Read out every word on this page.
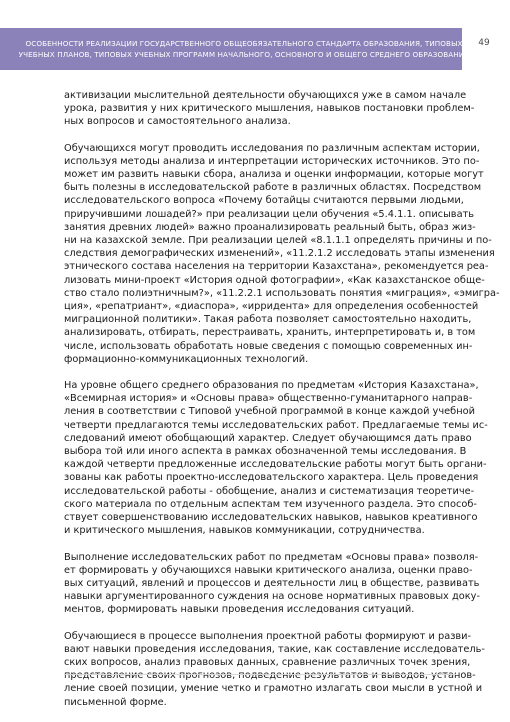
ОСОБЕННОСТИ РЕАЛИЗАЦИИ ГОСУДАРСТВЕННОГО ОБЩЕОБЯЗАТЕЛЬНОГО СТАНДАРТА ОБРАЗОВАНИЯ, ТИПОВЫХ
УЧЕБНЫХ ПЛАНОВ, ТИПОВЫХ УЧЕБНЫХ ПРОГРАММ НАЧАЛЬНОГО, ОСНОВНОГО И ОБЩЕГО СРЕДНЕГО ОБРАЗОВАНИЯ
49

активизации мыслительной деятельности обучающихся уже в самом начале
урока, развития у них критического мышления, навыков постановки проблем-
ных вопросов и самостоятельного анализа.

Обучающихся могут проводить исследования по различным аспектам истории,
используя методы анализа и интерпретации исторических источников. Это по-
может им развить навыки сбора, анализа и оценки информации, которые могут
быть полезны в исследовательской работе в различных областях. Посредством
исследовательского вопроса «Почему ботайцы считаются первыми людьми,
приручившими лошадей?» при реализации цели обучения «5.4.1.1. описывать
занятия древних людей» важно проанализировать реальный быть, образ жиз-
ни на казахской земле. При реализации целей «8.1.1.1 определять причины и по-
следствия демографических изменений», «11.2.1.2 исследовать этапы изменения
этнического состава населения на территории Казахстана», рекомендуется реа-
лизовать мини-проект «История одной фотографии», «Как казахстанское обще-
ство стало полиэтничным?», «11.2.2.1 использовать понятия «миграция», «эмигра-
ция», «репатриант», «диаспора», «ирридента» для определения особенностей
миграционной политики». Такая работа позволяет самостоятельно находить,
анализировать, отбирать, перестраивать, хранить, интерпретировать и, в том
числе, использовать обработать новые сведения с помощью современных ин-
формационно-коммуникационных технологий.

На уровне общего среднего образования по предметам «История Казахстана»,
«Всемирная история» и «Основы права» общественно-гуманитарного направ-
ления в соответствии с Типовой учебной программой в конце каждой учебной
четверти предлагаются темы исследовательских работ. Предлагаемые темы ис-
следований имеют обобщающий характер. Следует обучающимся дать право
выбора той или иного аспекта в рамках обозначенной темы исследования. В
каждой четверти предложенные исследовательские работы могут быть органи-
зованы как работы проектно-исследовательского характера. Цель проведения
исследовательской работы - обобщение, анализ и систематизация теоретиче-
ского материала по отдельным аспектам тем изученного раздела. Это способ-
ствует совершенствованию исследовательских навыков, навыков креативного
и критического мышления, навыков коммуникации, сотрудничества.

Выполнение исследовательских работ по предметам «Основы права» позволя-
ет формировать у обучающихся навыки критического анализа, оценки право-
вых ситуаций, явлений и процессов и деятельности лиц в обществе, развивать
навыки аргументированного суждения на основе нормативных правовых доку-
ментов, формировать навыки проведения исследования ситуаций.

Обучающиеся в процессе выполнения проектной работы формируют и разви-
вают навыки проведения исследования, такие, как составление исследователь-
ских вопросов, анализ правовых данных, сравнение различных точек зрения,
представление своих прогнозов, подведение результатов и выводов, установ-
ление своей позиции, умение четко и грамотно излагать свои мысли в устной и
письменной форме.
